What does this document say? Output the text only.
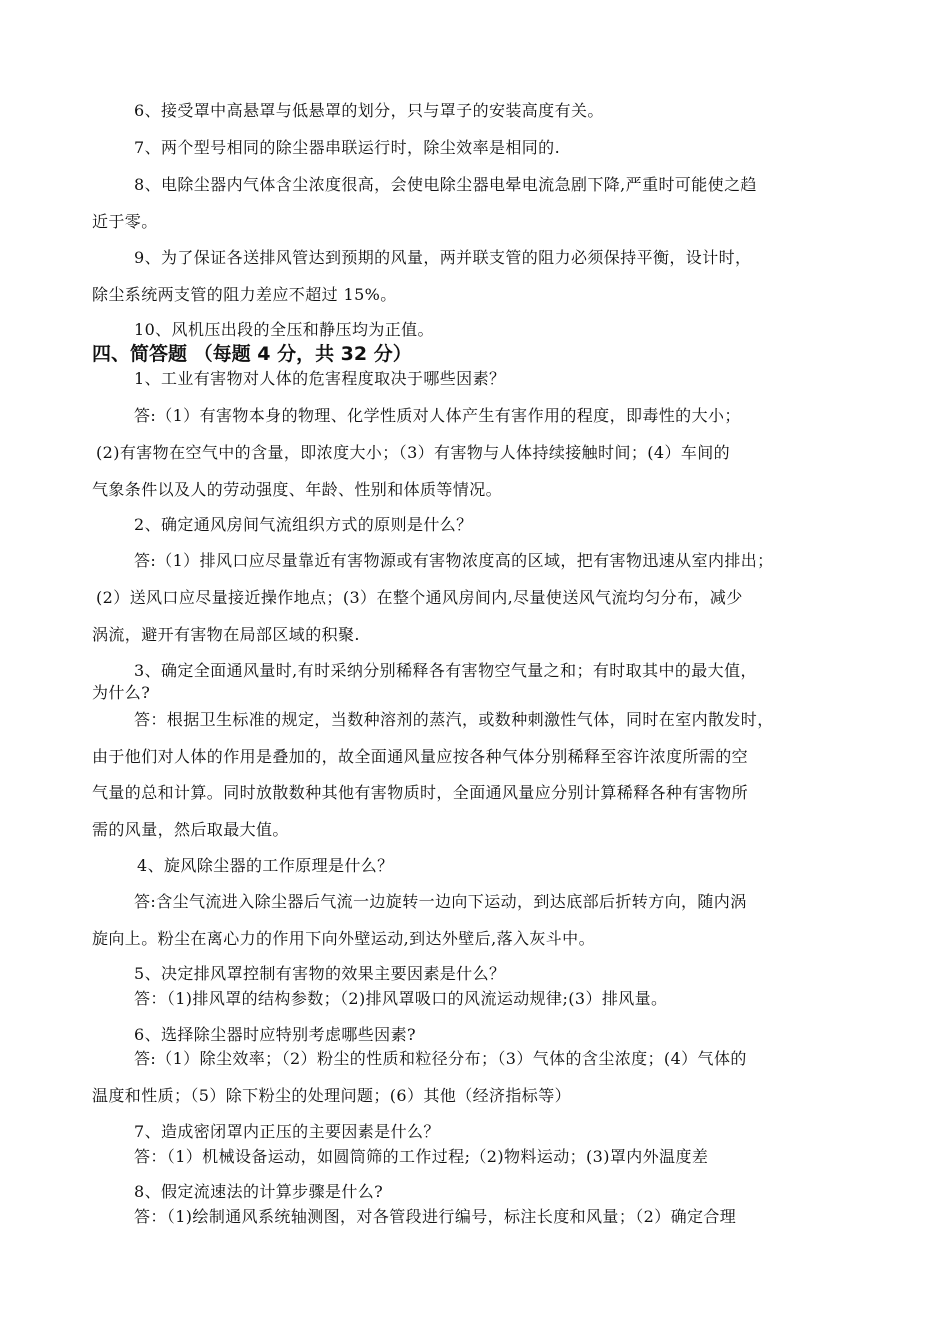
6、接受罩中高悬罩与低悬罩的划分，只与罩子的安装高度有关。
7、两个型号相同的除尘器串联运行时，除尘效率是相同的.
8、电除尘器内气体含尘浓度很高，会使电除尘器电晕电流急剧下降,严重时可能使之趋
近于零。
9、为了保证各送排风管达到预期的风量，两并联支管的阻力必须保持平衡，设计时，
除尘系统两支管的阻力差应不超过 15%。
10、风机压出段的全压和静压均为正值。
四、简答题 （每题 4 分，共 32 分）
1、工业有害物对人体的危害程度取决于哪些因素？
答:（1）有害物本身的物理、化学性质对人体产生有害作用的程度，即毒性的大小；
(2)有害物在空气中的含量，即浓度大小；（3）有害物与人体持续接触时间；(4）车间的
气象条件以及人的劳动强度、年龄、性别和体质等情况。
2、确定通风房间气流组织方式的原则是什么？
答:（1）排风口应尽量靠近有害物源或有害物浓度高的区域，把有害物迅速从室内排出；
(2）送风口应尽量接近操作地点；(3）在整个通风房间内,尽量使送风气流均匀分布，减少
涡流，避开有害物在局部区域的积聚.
3、确定全面通风量时,有时采纳分别稀释各有害物空气量之和；有时取其中的最大值，
为什么?
答：根据卫生标准的规定，当数种溶剂的蒸汽，或数种刺激性气体，同时在室内散发时，
由于他们对人体的作用是叠加的，故全面通风量应按各种气体分别稀释至容许浓度所需的空
气量的总和计算。同时放散数种其他有害物质时，全面通风量应分别计算稀释各种有害物所
需的风量，然后取最大值。
4、旋风除尘器的工作原理是什么？
答:含尘气流进入除尘器后气流一边旋转一边向下运动，到达底部后折转方向，随内涡
旋向上。粉尘在离心力的作用下向外壁运动,到达外壁后,落入灰斗中。
5、决定排风罩控制有害物的效果主要因素是什么？
答：（1)排风罩的结构参数；（2)排风罩吸口的风流运动规律;(3）排风量。
6、选择除尘器时应特别考虑哪些因素?
答:（1）除尘效率；（2）粉尘的性质和粒径分布；（3）气体的含尘浓度；(4）气体的
温度和性质；（5）除下粉尘的处理问题；(6）其他（经济指标等）
7、造成密闭罩内正压的主要因素是什么？
答：（1）机械设备运动，如圆筒筛的工作过程;（2)物料运动；(3)罩内外温度差
8、假定流速法的计算步骤是什么?
答：（1)绘制通风系统轴测图，对各管段进行编号，标注长度和风量；（2）确定合理
